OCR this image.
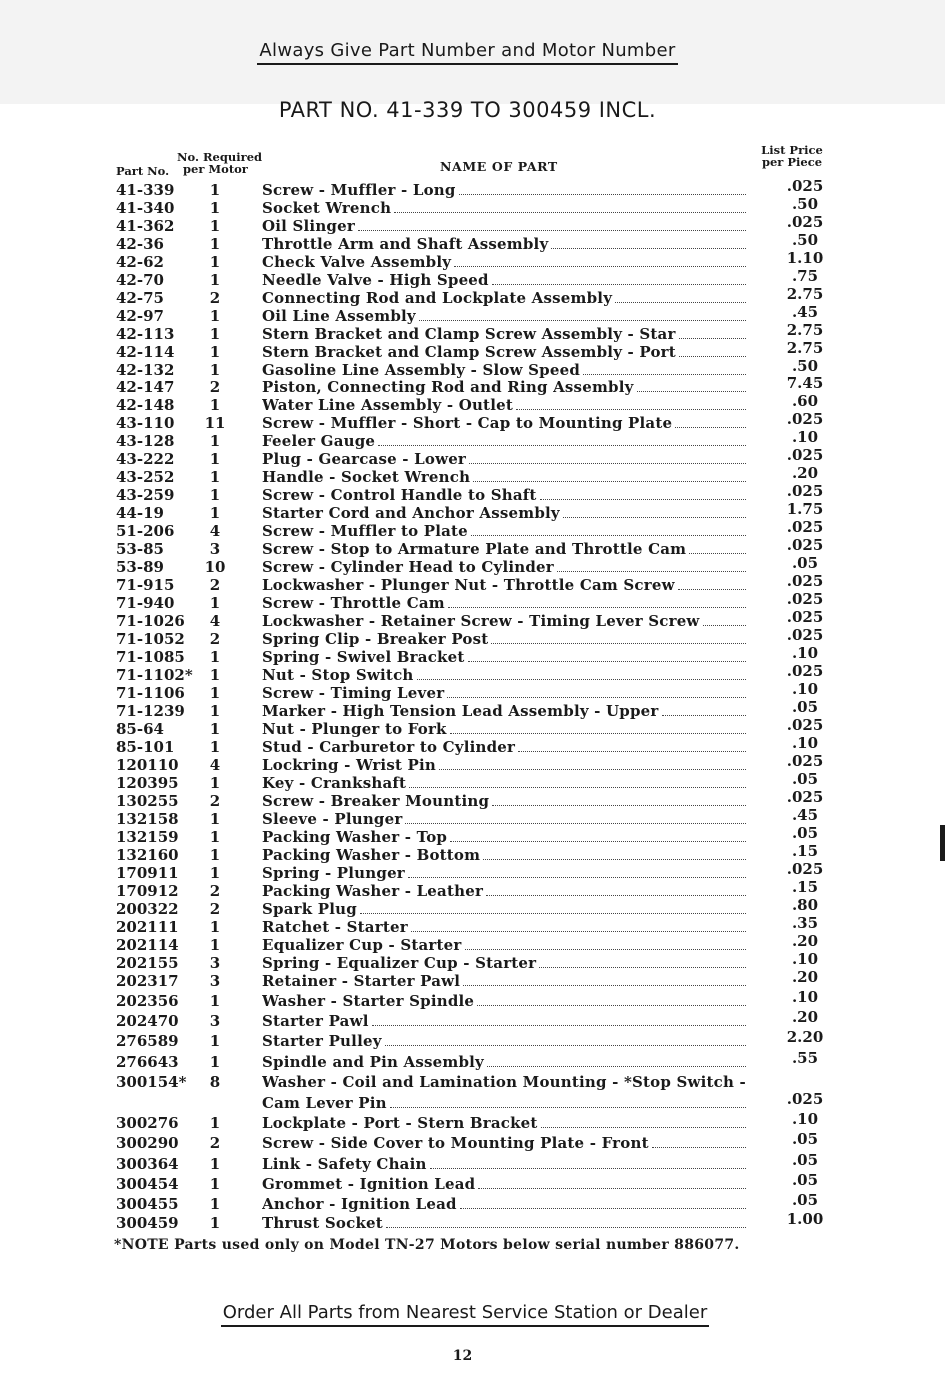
Always Give Part Number and Motor Number
PART NO. 41-339 TO 300459 INCL.
Part No.
No. Required
per Motor	NAME OF PART
List Price
per Piece
41-339	1	Screw - Muffler - Long	.025
41-340	1	Socket Wrench	.50
41-362	1	Oil Slinger	.025
42-36	1	Throttle Arm and Shaft Assembly	.50
42-62	1	Check Valve Assembly	1.10
42-70	1	Needle Valve - High Speed	.75
42-75	2	Connecting Rod and Lockplate Assembly	2.75
42-97	1	Oil Line Assembly	.45
42-113	1	Stern Bracket and Clamp Screw Assembly - Star	2.75
42-114	1	Stern Bracket and Clamp Screw Assembly - Port	2.75
42-132	1	Gasoline Line Assembly - Slow Speed	.50
42-147	2	Piston, Connecting Rod and Ring Assembly	7.45
42-148	1	Water Line Assembly - Outlet	.60
43-110	11	Screw - Muffler - Short - Cap to Mounting Plate	.025
43-128	1	Feeler Gauge	.10
43-222	1	Plug - Gearcase - Lower	.025
43-252	1	Handle - Socket Wrench	.20
43-259	1	Screw - Control Handle to Shaft	.025
44-19	1	Starter Cord and Anchor Assembly	1.75
51-206	4	Screw - Muffler to Plate	.025
53-85	3	Screw - Stop to Armature Plate and Throttle Cam	.025
53-89	10	Screw - Cylinder Head to Cylinder	.05
71-915	2	Lockwasher - Plunger Nut - Throttle Cam Screw	.025
71-940	1	Screw - Throttle Cam	.025
71-1026	4	Lockwasher - Retainer Screw - Timing Lever Screw	.025
71-1052	2	Spring Clip - Breaker Post	.025
71-1085	1	Spring - Swivel Bracket	.10
71-1102*	1	Nut - Stop Switch	.025
71-1106	1	Screw - Timing Lever	.10
71-1239	1	Marker - High Tension Lead Assembly - Upper	.05
85-64	1	Nut - Plunger to Fork	.025
85-101	1	Stud - Carburetor to Cylinder	.10
120110	4	Lockring - Wrist Pin	.025
120395	1	Key - Crankshaft	.05
130255	2	Screw - Breaker Mounting	.025
132158	1	Sleeve - Plunger	.45
132159	1	Packing Washer - Top	.05
132160	1	Packing Washer - Bottom	.15
170911	1	Spring - Plunger	.025
170912	2	Packing Washer - Leather	.15
200322	2	Spark Plug	.80
202111	1	Ratchet - Starter	.35
202114	1	Equalizer Cup - Starter	.20
202155	3	Spring - Equalizer Cup - Starter	.10
202317	3	Retainer - Starter Pawl	.20
202356	1	Washer - Starter Spindle	.10
202470	3	Starter Pawl	.20
276589	1	Starter Pulley	2.20
276643	1	Spindle and Pin Assembly	.55
300154*	8	Washer - Coil and Lamination Mounting - *Stop Switch -
Cam Lever Pin	.025
300276	1	Lockplate - Port - Stern Bracket	.10
300290	2	Screw - Side Cover to Mounting Plate - Front	.05
300364	1	Link - Safety Chain	.05
300454	1	Grommet - Ignition Lead	.05
300455	1	Anchor - Ignition Lead	.05
300459	1	Thrust Socket	1.00
*NOTE Parts used only on Model TN-27 Motors below serial number 886077.
Order All Parts from Nearest Service Station or Dealer
12
